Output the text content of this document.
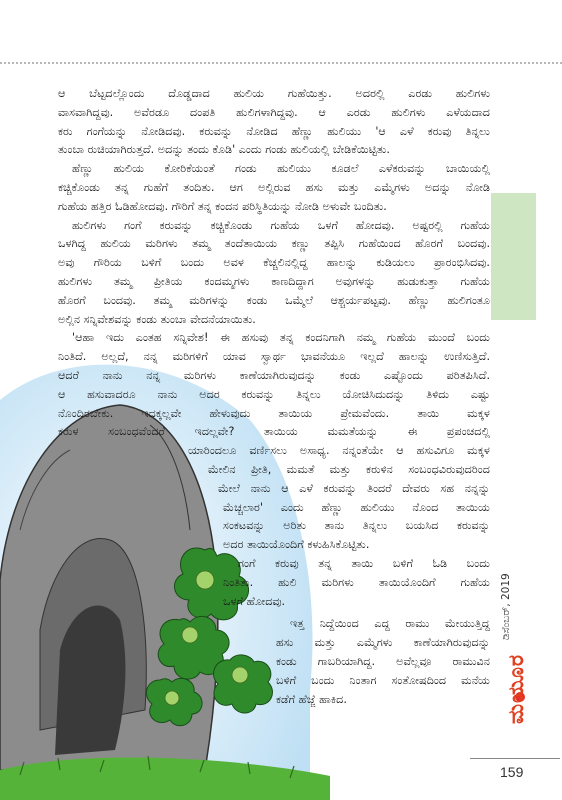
ಆ ಬೆಟ್ಟದಲ್ಲೊಂದು ದೊಡ್ಡದಾದ ಹುಲಿಯ ಗುಹೆಯಿತ್ತು. ಅದರಲ್ಲಿ ಎರಡು ಹುಲಿಗಳು
ವಾಸವಾಗಿದ್ದವು. ಅವೆರಡೂ ದಂಪತಿ ಹುಲಿಗಳಾಗಿದ್ದವು. ಆ ಎರಡು ಹುಲಿಗಳು ಎಳೆಯದಾದ
ಕರು ಗಂಗೆಯನ್ನು ನೋಡಿದವು. ಕರುವನ್ನು ನೋಡಿದ ಹೆಣ್ಣು ಹುಲಿಯು 'ಆ ಎಳೆ ಕರುವು ತಿನ್ನಲು
ತುಂಬಾ ರುಚಿಯಾಗಿರುತ್ತದೆ. ಅದನ್ನು ತಂದು ಕೊಡಿ' ಎಂದು ಗಂಡು ಹುಲಿಯಲ್ಲಿ ಬೇಡಿಕೆಯಿಟ್ಟಿತು.

ಹೆಣ್ಣು ಹುಲಿಯ ಕೋರಿಕೆಯಂತೆ ಗಂಡು ಹುಲಿಯು ಕೂಡಲೆ ಎಳೆಕರುವನ್ನು ಬಾಯಿಯಲ್ಲಿ
ಕಚ್ಚಿಕೊಂಡು ತನ್ನ ಗುಹೆಗೆ ತಂದಿತು. ಆಗ ಅಲ್ಲಿರುವ ಹಸು ಮತ್ತು ಎಮ್ಮೆಗಳು ಅದನ್ನು ನೋಡಿ
ಗುಹೆಯ ಹತ್ತಿರ ಓಡಿಹೋದವು. ಗೌರಿಗೆ ತನ್ನ ಕಂದನ ಪರಿಸ್ಥಿತಿಯನ್ನು ನೋಡಿ ಅಳುವೇ ಬಂದಿತು.

ಹುಲಿಗಳು ಗಂಗೆ ಕರುವನ್ನು ಕಚ್ಚಿಕೊಂಡು ಗುಹೆಯ ಒಳಗೆ ಹೋದವು. ಅಷ್ಟರಲ್ಲಿ ಗುಹೆಯ
ಒಳಗಿದ್ದ ಹುಲಿಯ ಮರಿಗಳು ತಮ್ಮ ತಂದೆತಾಯಿಯ ಕಣ್ಣು ತಪ್ಪಿಸಿ ಗುಹೆಯಿಂದ ಹೊರಗೆ ಬಂದವು.
ಅವು ಗೌರಿಯ ಬಳಿಗೆ ಬಂದು ಅವಳ ಕೆಚ್ಚಲಿನಲ್ಲಿದ್ದ ಹಾಲನ್ನು ಕುಡಿಯಲು ಪ್ರಾರಂಭಿಸಿದವು.
ಹುಲಿಗಳು ತಮ್ಮ ಪ್ರೀತಿಯ ಕಂದಮ್ಮಗಳು ಕಾಣದಿದ್ದಾಗ ಅವುಗಳನ್ನು ಹುಡುಕುತ್ತಾ ಗುಹೆಯ
ಹೊರಗೆ ಬಂದವು. ತಮ್ಮ ಮರಿಗಳನ್ನು ಕಂಡು ಒಮ್ಮೆಲೆ ಆಶ್ಚರ್ಯಪಟ್ಟವು. ಹೆಣ್ಣು ಹುಲಿಗಂತೂ
ಅಲ್ಲಿನ ಸನ್ನಿವೇಶವನ್ನು ಕಂಡು ತುಂಬಾ ವೇದನೆಯಾಯಿತು.

'ಆಹಾ ಇದು ಎಂತಹ ಸನ್ನಿವೇಶ! ಈ ಹಸುವು ತನ್ನ ಕಂದನಿಗಾಗಿ ನಮ್ಮ ಗುಹೆಯ ಮುಂದೆ ಬಂದು
ನಿಂತಿದೆ. ಅಲ್ಲದೆ, ನನ್ನ ಮರಿಗಳಿಗೆ ಯಾವ ಸ್ವಾರ್ಥ ಭಾವನೆಯೂ ಇಲ್ಲದೆ ಹಾಲನ್ನು ಉಣಿಸುತ್ತಿದೆ.
ಆದರೆ ನಾನು ನನ್ನ ಮರಿಗಳು ಕಾಣೆಯಾಗಿರುವುದನ್ನು ಕಂಡು ಎಷ್ಟೊಂದು ಪರಿತಪಿಸಿದೆ.
ಆ ಹಸುವಾದರೂ ನಾನು ಅದರ ಕರುವನ್ನು ತಿನ್ನಲು ಯೋಚಿಸಿದುದನ್ನು ತಿಳಿದು ಎಷ್ಟು
ನೊಂದಿರಬೇಕು. ಇದಕ್ಕಲ್ಲವೇ ಹೇಳುವುದು ತಾಯಿಯ ಪ್ರೇಮವೆಂದು. ತಾಯಿ ಮಕ್ಕಳ
ಕರುಳ ಸಂಬಂಧವೆಂದರೆ ಇದಲ್ಲವೇ? ತಾಯಿಯ ಮಮತೆಯನ್ನು ಈ ಪ್ರಪಂಚದಲ್ಲಿ
ಯಾರಿಂದಲೂ ವರ್ಣಿಸಲು ಅಸಾಧ್ಯ. ನನ್ನಂತೆಯೇ ಆ ಹಸುವಿಗೂ ಮಕ್ಕಳ
ಮೇಲಿನ ಪ್ರೀತಿ, ಮಮತೆ ಮತ್ತು ಕರುಳಿನ ಸಂಬಂಧವಿರುವುದರಿಂದ
ಮೇಲೆ ನಾನು ಆ ಎಳೆ ಕರುವನ್ನು ತಿಂದರೆ ದೇವರು ಸಹ ನನ್ನನ್ನು
ಮೆಚ್ಚಲಾರ' ಎಂದು ಹೆಣ್ಣು ಹುಲಿಯು ನೊಂದ ತಾಯಿಯ
ಸಂಕಟವನ್ನು ಅರಿತು ತಾನು ತಿನ್ನಲು ಬಯಸಿದ ಕರುವನ್ನು
ಅದರ ತಾಯಿಯೊಂದಿಗೆ ಕಳುಹಿಸಿಕೊಟ್ಟಿತು.

ಗಂಗೆ ಕರುವು ತನ್ನ ತಾಯಿ ಬಳಿಗೆ ಓಡಿ ಬಂದು
ನಿಂತಿತು. ಹುಲಿ ಮರಿಗಳು ತಾಯಿಯೊಂದಿಗೆ ಗುಹೆಯ
ಒಳಗೆ ಹೋದವು.

ಇತ್ತ ನಿದ್ದೆಯಿಂದ ಎದ್ದ ರಾಮು ಮೇಯುತ್ತಿದ್ದ
ಹಸು ಮತ್ತು ಎಮ್ಮೆಗಳು ಕಾಣೆಯಾಗಿರುವುದನ್ನು
ಕಂಡು ಗಾಬರಿಯಾಗಿದ್ದ. ಅವೆಲ್ಲವೂ ರಾಮುವಿನ
ಬಳಿಗೆ ಬಂದು ನಿಂತಾಗ ಸಂತೋಷದಿಂದ ಮನೆಯ
ಕಡೆಗೆ ಹೆಜ್ಜೆ ಹಾಕಿದ.

ಡಿಸೆಂಬರ್, 2019
ಮಯೂರ
159
